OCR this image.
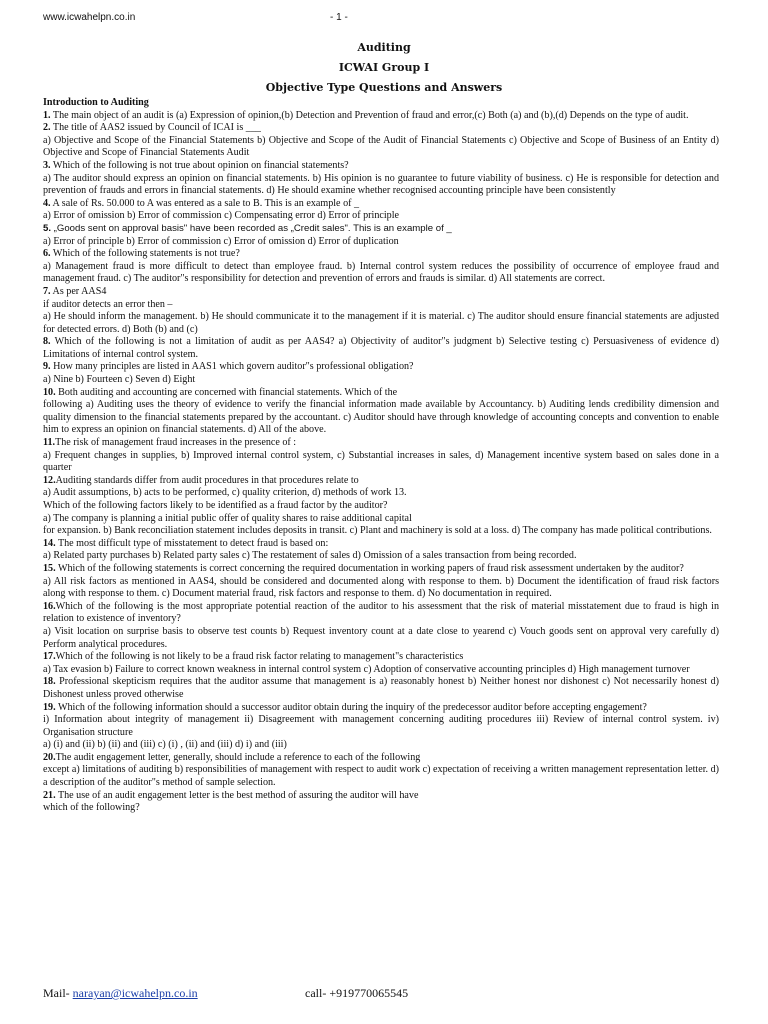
www.icwahelpn.co.in	- 1 -
Auditing
ICWAI Group I
Objective Type Questions and Answers

Introduction to Auditing

1. The main object of an audit is (a) Expression of opinion,(b) Detection and Prevention of fraud and error,(c) Both (a) and (b),(d) Depends on the type of audit.

2. The title of AAS2 issued by Council of ICAI is ___

a) Objective and Scope of the Financial Statements b) Objective and Scope of the Audit of Financial Statements c) Objective and Scope of Business of an Entity d) Objective and Scope of Financial Statements Audit

3. Which of the following is not true about opinion on financial statements?

a) The auditor should express an opinion on financial statements. b) His opinion is no guarantee to future viability of business. c) He is responsible for detection and prevention of frauds and errors in financial statements. d) He should examine whether recognised accounting principle have been consistently

4. A sale of Rs. 50.000 to A was entered as a sale to B. This is an example of _

a) Error of omission b) Error of commission c) Compensating error d) Error of principle

5. „Goods sent on approval basis" have been recorded as „Credit sales". This is an example of _

a) Error of principle b) Error of commission c) Error of omission d) Error of duplication

6. Which of the following statements is not true?

a) Management fraud is more difficult to detect than employee fraud. b) Internal control system reduces the possibility of occurrence of employee fraud and management fraud. c) The auditor"s responsibility for detection and prevention of errors and frauds is similar. d) All statements are correct.

7. As per AAS4

if auditor detects an error then –

a) He should inform the management. b) He should communicate it to the management if it is material. c) The auditor should ensure financial statements are adjusted for detected errors. d) Both (b) and (c)

8. Which of the following is not a limitation of audit as per AAS4? a) Objectivity of auditor"s judgment b) Selective testing c) Persuasiveness of evidence d) Limitations of internal control system.

9. How many principles are listed in AAS1 which govern auditor"s professional obligation?

a) Nine b) Fourteen c) Seven d) Eight

10. Both auditing and accounting are concerned with financial statements. Which of the

following a) Auditing uses the theory of evidence to verify the financial information made available by Accountancy. b) Auditing lends credibility dimension and quality dimension to the financial statements prepared by the accountant. c) Auditor should have through knowledge of accounting concepts and convention to enable him to express an opinion on financial statements. d) All of the above.

11.The risk of management fraud increases in the presence of :

a) Frequent changes in supplies, b) Improved internal control system, c) Substantial increases in sales, d) Management incentive system based on sales done in a quarter

12.Auditing standards differ from audit procedures in that procedures relate to

a) Audit assumptions, b) acts to be performed, c) quality criterion, d) methods of work 13.

Which of the following factors likely to be identified as a fraud factor by the auditor?

a) The company is planning a initial public offer of quality shares to raise additional capital

for expansion. b) Bank reconciliation statement includes deposits in transit. c) Plant and machinery is sold at a loss. d) The company has made political contributions.

14. The most difficult type of misstatement to detect fraud is based on:

a) Related party purchases b) Related party sales c) The restatement of sales d) Omission of a sales transaction from being recorded.

15. Which of the following statements is correct concerning the required documentation in working papers of fraud risk assessment undertaken by the auditor?

a) All risk factors as mentioned in AAS4, should be considered and documented along with response to them. b) Document the identification of fraud risk factors along with response to them. c) Document material fraud, risk factors and response to them. d) No documentation in required.

16.Which of the following is the most appropriate potential reaction of the auditor to his assessment that the risk of material misstatement due to fraud is high in relation to existence of inventory?

a) Visit location on surprise basis to observe test counts b) Request inventory count at a date close to yearend c) Vouch goods sent on approval very carefully d) Perform analytical procedures.

17.Which of the following is not likely to be a fraud risk factor relating to management"s characteristics

a) Tax evasion b) Failure to correct known weakness in internal control system c) Adoption of conservative accounting principles d) High management turnover

18. Professional skepticism requires that the auditor assume that management is a) reasonably honest b) Neither honest nor dishonest c) Not necessarily honest d) Dishonest unless proved otherwise

19. Which of the following information should a successor auditor obtain during the inquiry of the predecessor auditor before accepting engagement?

i) Information about integrity of management ii) Disagreement with management concerning auditing procedures iii) Review of internal control system. iv) Organisation structure

a) (i) and (ii) b) (ii) and (iii) c) (i) , (ii) and (iii) d) i) and (iii)

20.The audit engagement letter, generally, should include a reference to each of the following

except a) limitations of auditing b) responsibilities of management with respect to audit work c) expectation of receiving a written management representation letter. d) a description of the auditor"s method of sample selection.

21. The use of an audit engagement letter is the best method of assuring the auditor will have

which of the following?

Mail- narayan@icwahelpn.co.in	call- +919770065545
